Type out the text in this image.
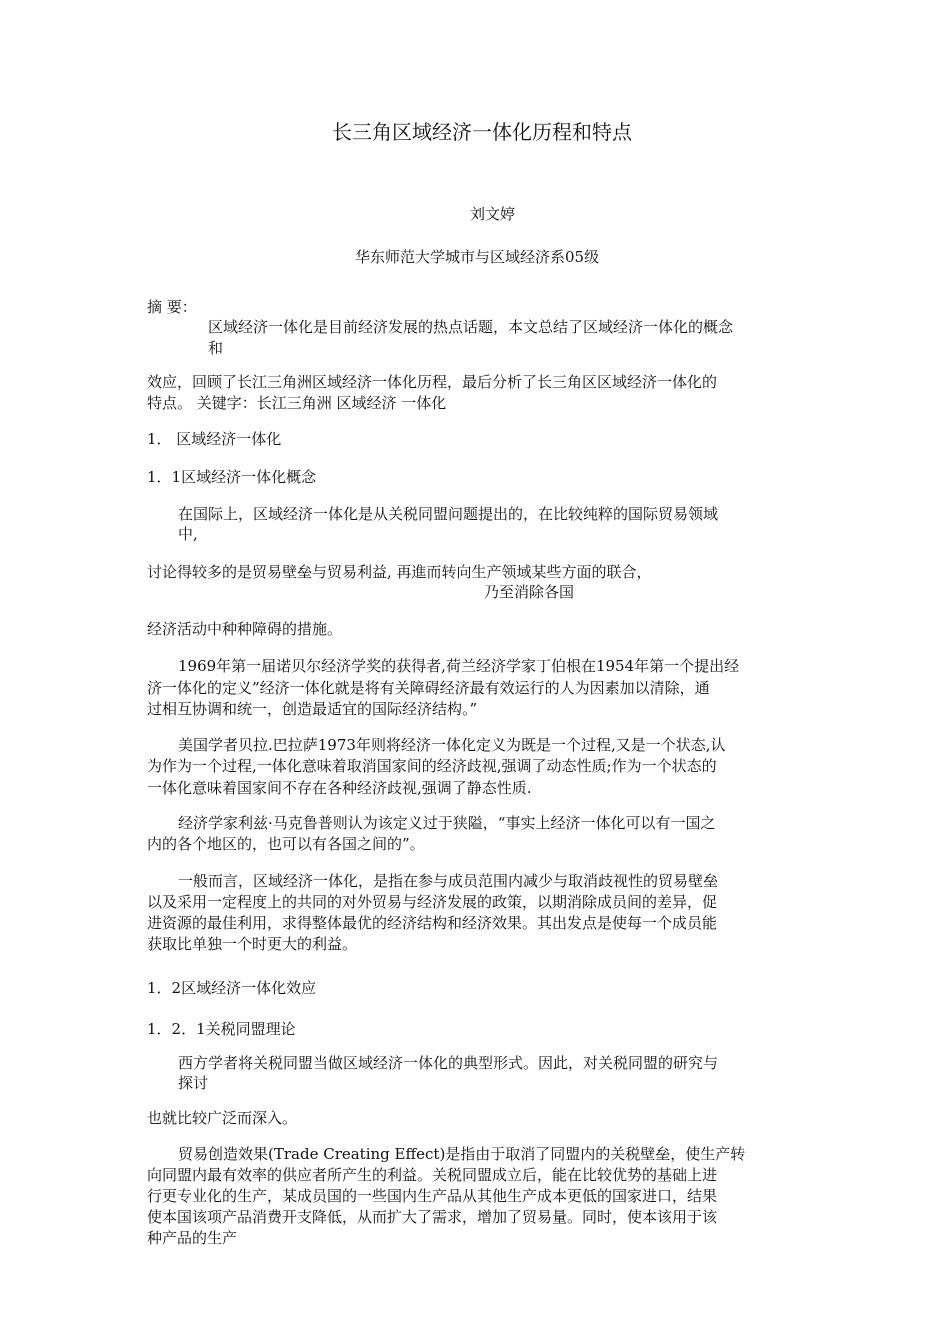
长三角区域经济一体化历程和特点
刘文婷
华东师范大学城市与区域经济系05级
摘 要：
区域经济一体化是目前经济发展的热点话题，本文总结了区域经济一体化的概念
和
效应，回顾了长江三角洲区域经济一体化历程，最后分析了长三角区区域经济一体化的
特点。 关键字：长江三角洲 区域经济 一体化
1． 区域经济一体化
1．1区域经济一体化概念
在国际上，区域经济一体化是从关税同盟问题提出的，在比较纯粹的国际贸易领域
中,
讨论得较多的是贸易壁垒与贸易利益, 再進而转向生产领域某些方面的联合，
乃至消除各国
经济活动中种种障碍的措施。
1969年第一届诺贝尔经济学奖的获得者,荷兰经济学家丁伯根在1954年第一个提出经
济一体化的定义”经济一体化就是将有关障碍经济最有效运行的人为因素加以清除，通
过相互协调和统一，创造最适宜的国际经济结构。”
美国学者贝拉.巴拉萨1973年则将经济一体化定义为既是一个过程,又是一个状态,认
为作为一个过程,一体化意味着取消国家间的经济歧视,强调了动态性质;作为一个状态的
一体化意味着国家间不存在各种经济歧视,强调了静态性质.
经济学家利兹·马克鲁普则认为该定义过于狭隘，“事实上经济一体化可以有一国之
内的各个地区的，也可以有各国之间的”。
一般而言，区域经济一体化，是指在参与成员范围内减少与取消歧视性的贸易壁垒
以及采用一定程度上的共同的对外贸易与经济发展的政策，以期消除成员间的差异，促
进资源的最佳利用，求得整体最优的经济结构和经济效果。其出发点是使每一个成员能
获取比单独一个时更大的利益。
1．2区域经济一体化效应
1．2．1关税同盟理论
西方学者将关税同盟当做区域经济一体化的典型形式。因此，对关税同盟的研究与
探讨
也就比较广泛而深入。
贸易创造效果(Trade Creating Effect)是指由于取消了同盟内的关税壁垒，使生产转
向同盟内最有效率的供应者所产生的利益。关税同盟成立后，能在比较优势的基础上进
行更专业化的生产，某成员国的一些国内生产品从其他生产成本更低的国家进口，结果
使本国该项产品消费开支降低，从而扩大了需求，增加了贸易量。同时，使本该用于该
种产品的生产
